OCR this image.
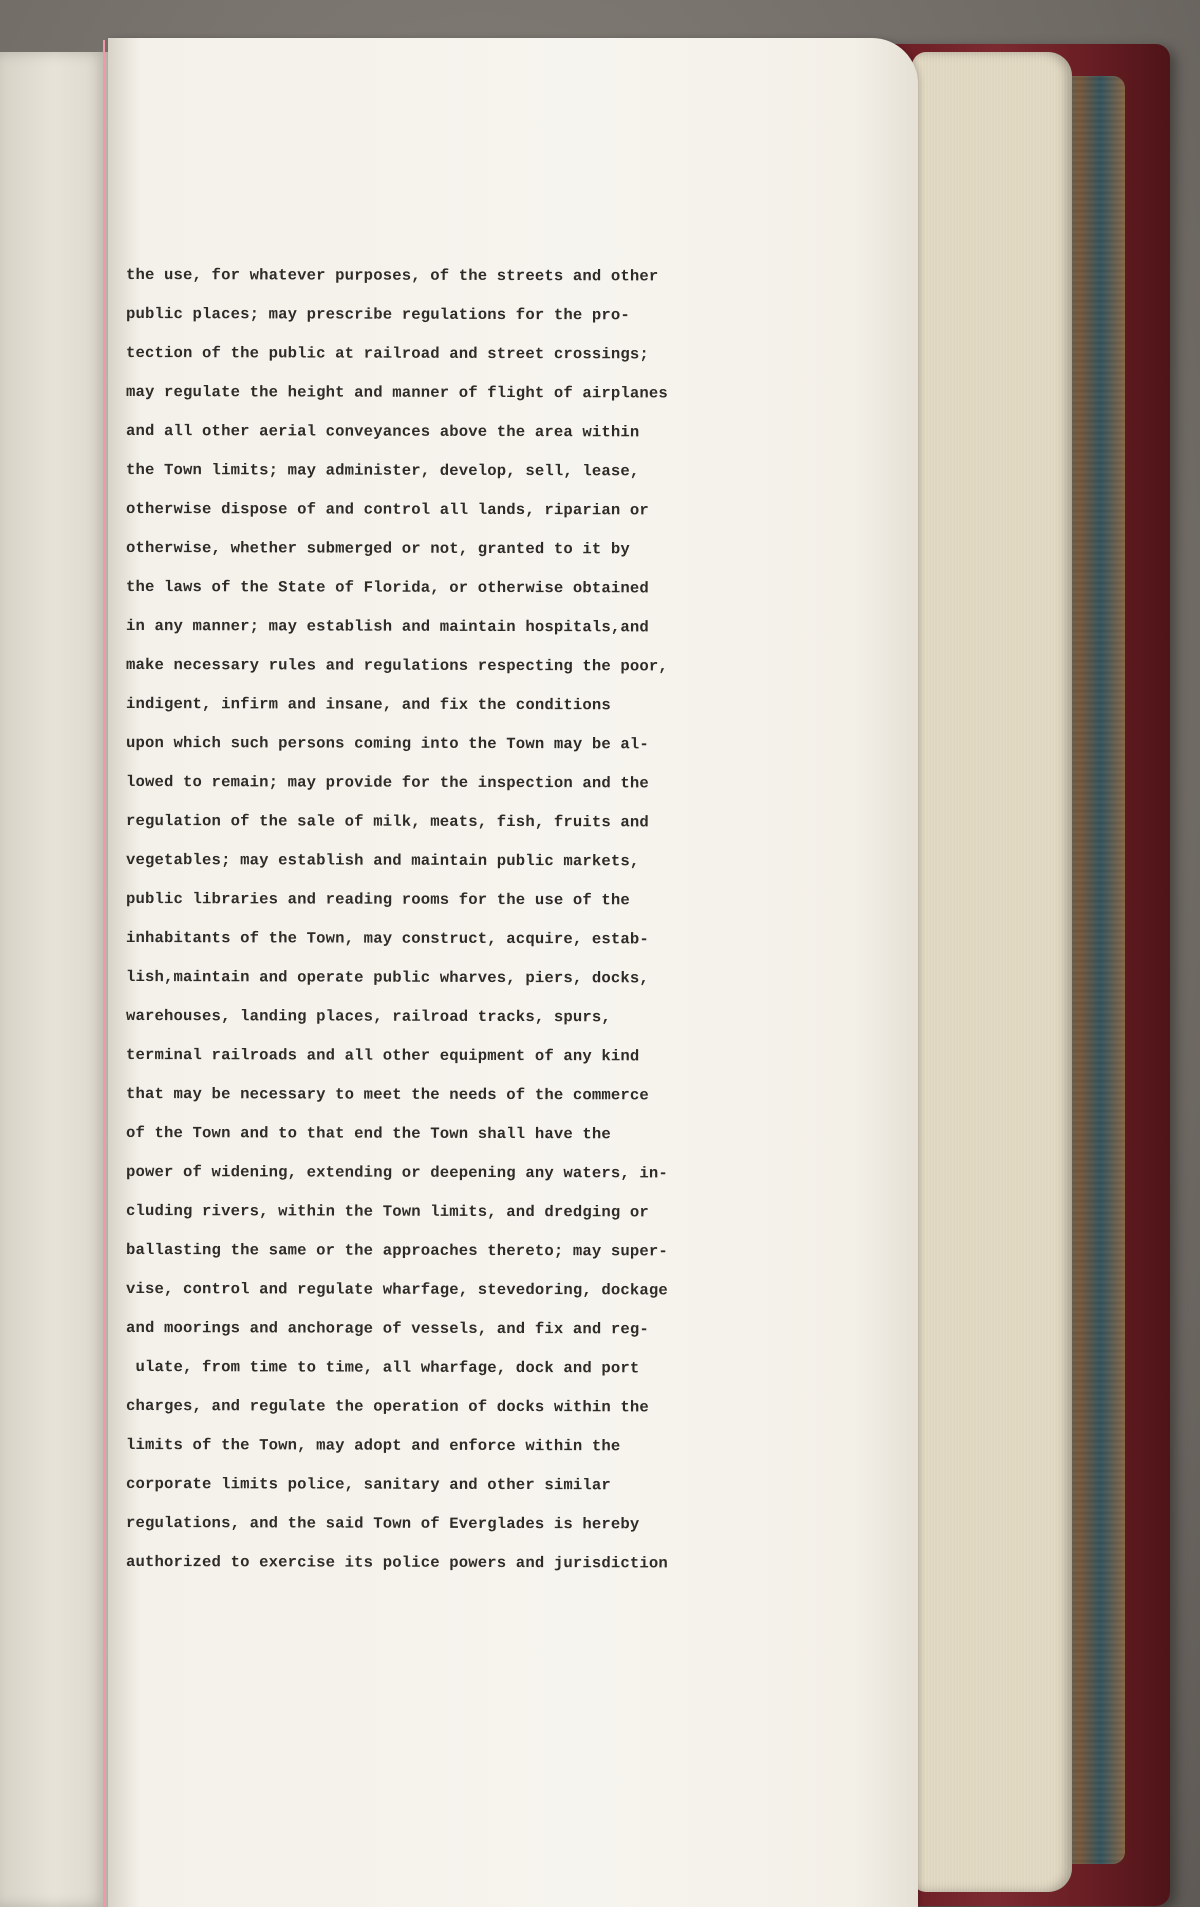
the use, for whatever purposes, of the streets and other
public places; may prescribe regulations for the pro-
tection of the public at railroad and street crossings;
may regulate the height and manner of flight of airplanes
and all other aerial conveyances above the area within
the Town limits; may administer, develop, sell, lease,
otherwise dispose of and control all lands, riparian or
otherwise, whether submerged or not, granted to it by
the laws of the State of Florida, or otherwise obtained
in any manner; may establish and maintain hospitals,and
make necessary rules and regulations respecting the poor,
indigent, infirm and insane, and fix the conditions
upon which such persons coming into the Town may be al-
lowed to remain; may provide for the inspection and the
regulation of the sale of milk, meats, fish, fruits and
vegetables; may establish and maintain public markets,
public libraries and reading rooms for the use of the
inhabitants of the Town, may construct, acquire, estab-
lish,maintain and operate public wharves, piers, docks,
warehouses, landing places, railroad tracks, spurs,
terminal railroads and all other equipment of any kind
that may be necessary to meet the needs of the commerce
of the Town and to that end the Town shall have the
power of widening, extending or deepening any waters, in-
cluding rivers, within the Town limits, and dredging or
ballasting the same or the approaches thereto; may super-
vise, control and regulate wharfage, stevedoring, dockage
and moorings and anchorage of vessels, and fix and reg-
ulate, from time to time, all wharfage, dock and port
charges, and regulate the operation of docks within the
limits of the Town, may adopt and enforce within the
corporate limits police, sanitary and other similar
regulations, and the said Town of Everglades is hereby
authorized to exercise its police powers and jurisdiction
